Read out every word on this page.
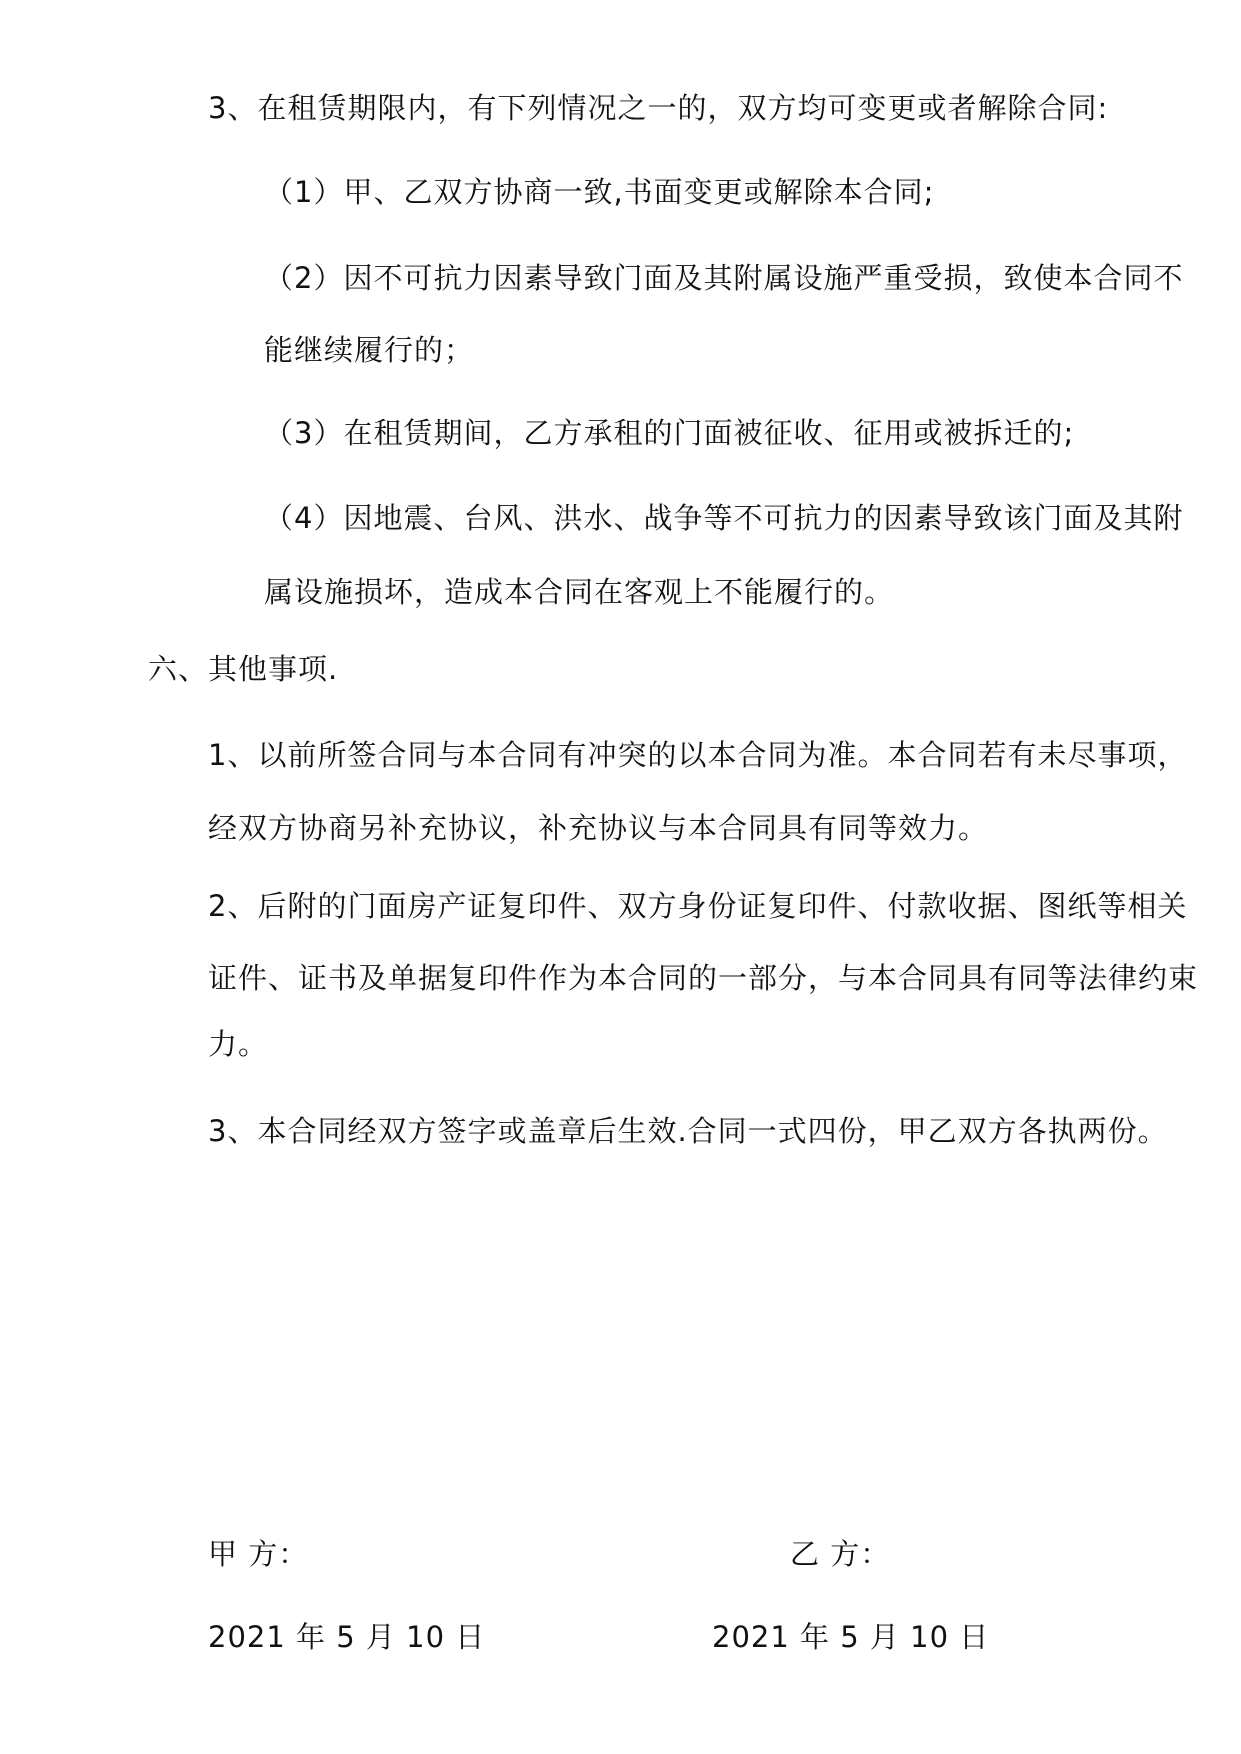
3、在租赁期限内，有下列情况之一的，双方均可变更或者解除合同:
（1）甲、乙双方协商一致,书面变更或解除本合同;
（2）因不可抗力因素导致门面及其附属设施严重受损，致使本合同不
能继续履行的；
（3）在租赁期间，乙方承租的门面被征收、征用或被拆迁的;
（4）因地震、台风、洪水、战争等不可抗力的因素导致该门面及其附
属设施损坏，造成本合同在客观上不能履行的。
六、其他事项.
1、以前所签合同与本合同有冲突的以本合同为准。本合同若有未尽事项，
经双方协商另补充协议，补充协议与本合同具有同等效力。
2、后附的门面房产证复印件、双方身份证复印件、付款收据、图纸等相关
证件、证书及单据复印件作为本合同的一部分，与本合同具有同等法律约束
力。
3、本合同经双方签字或盖章后生效.合同一式四份，甲乙双方各执两份。
甲 方：	乙 方：
2021 年 5 月 10 日	2021 年 5 月 10 日
